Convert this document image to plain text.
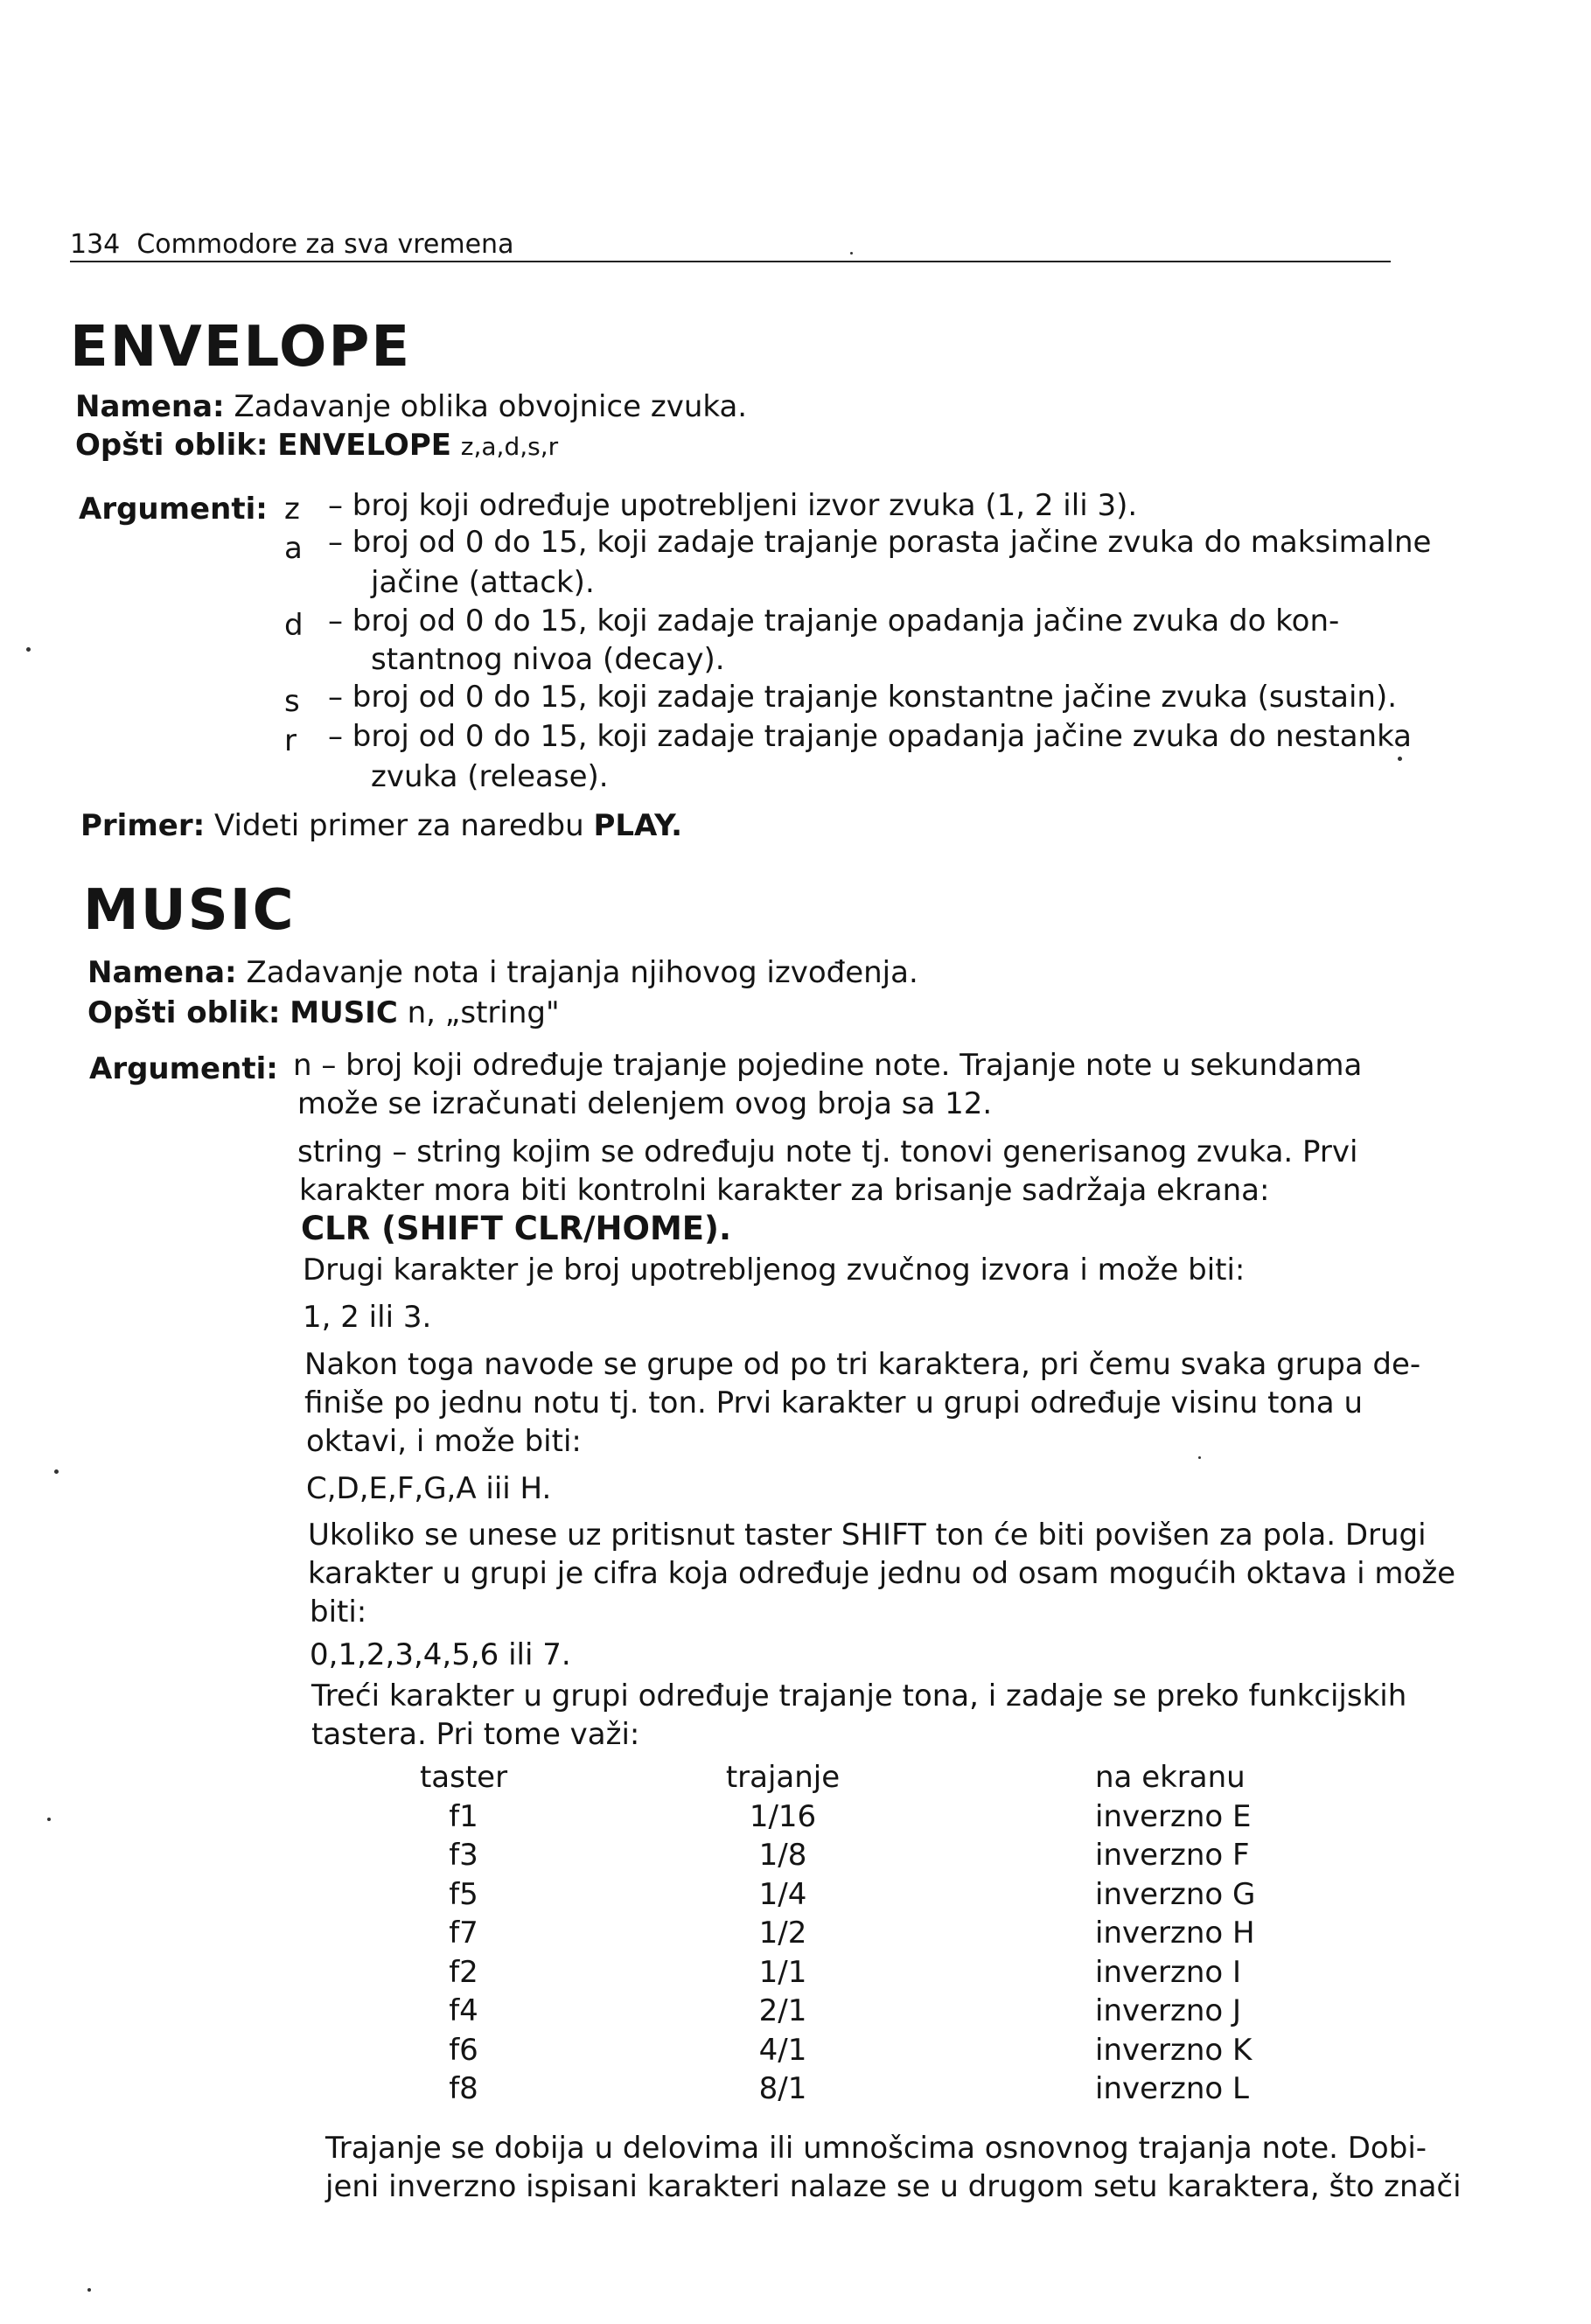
134 Commodore za sva vremena
ENVELOPE
Namena: Zadavanje oblika obvojnice zvuka.
Opšti oblik: ENVELOPE z,a,d,s,r
Argumenti: z – broj koji određuje upotrebljeni izvor zvuka (1, 2 ili 3).
a – broj od 0 do 15, koji zadaje trajanje porasta jačine zvuka do maksimalne
jačine (attack).
d – broj od 0 do 15, koji zadaje trajanje opadanja jačine zvuka do kon-
stantnog nivoa (decay).
s – broj od 0 do 15, koji zadaje trajanje konstantne jačine zvuka (sustain).
r – broj od 0 do 15, koji zadaje trajanje opadanja jačine zvuka do nestanka
zvuka (release).
Primer: Videti primer za naredbu PLAY.
MUSIC
Namena: Zadavanje nota i trajanja njihovog izvođenja.
Opšti oblik: MUSIC n, „string"
Argumenti: n – broj koji određuje trajanje pojedine note. Trajanje note u sekundama
može se izračunati delenjem ovog broja sa 12.
string – string kojim se određuju note tj. tonovi generisanog zvuka. Prvi
karakter mora biti kontrolni karakter za brisanje sadržaja ekrana:
CLR (SHIFT CLR/HOME).
Drugi karakter je broj upotrebljenog zvučnog izvora i može biti:
1, 2 ili 3.
Nakon toga navode se grupe od po tri karaktera, pri čemu svaka grupa de-
finiše po jednu notu tj. ton. Prvi karakter u grupi određuje visinu tona u
oktavi, i može biti:
C,D,E,F,G,A iii H.
Ukoliko se unese uz pritisnut taster SHIFT ton će biti povišen za pola. Drugi
karakter u grupi je cifra koja određuje jednu od osam mogućih oktava i može
biti:
0,1,2,3,4,5,6 ili 7.
Treći karakter u grupi određuje trajanje tona, i zadaje se preko funkcijskih
tastera. Pri tome važi:
taster	trajanje	na ekranu
f1	1/16	inverzno E
f3	1/8	inverzno F
f5	1/4	inverzno G
f7	1/2	inverzno H
f2	1/1	inverzno I
f4	2/1	inverzno J
f6	4/1	inverzno K
f8	8/1	inverzno L
Trajanje se dobija u delovima ili umnošcima osnovnog trajanja note. Dobi-
jeni inverzno ispisani karakteri nalaze se u drugom setu karaktera, što znači
